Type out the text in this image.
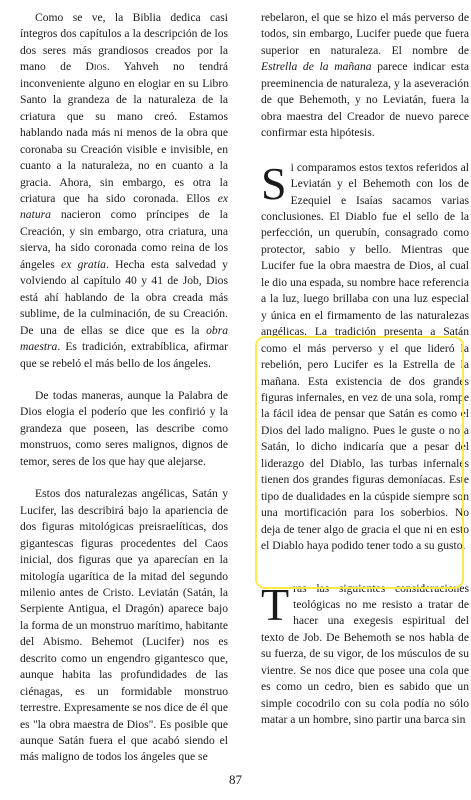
Como se ve, la Biblia dedica casi íntegros dos capítulos a la descripción de los dos seres más grandiosos creados por la mano de Dios. Yahveh no tendrá inconveniente alguno en elogiar en su Libro Santo la grandeza de la naturaleza de la criatura que su mano creó. Estamos hablando nada más ni menos de la obra que coronaba su Creación visible e invisible, en cuanto a la naturaleza, no en cuanto a la gracia. Ahora, sin embargo, es otra la criatura que ha sido coronada. Ellos ex natura nacieron como príncipes de la Creación, y sin embargo, otra criatura, una sierva, ha sido coronada como reina de los ángeles ex gratia. Hecha esta salvedad y volviendo al capítulo 40 y 41 de Job, Dios está ahí hablando de la obra creada más sublime, de la culminación, de su Creación. De una de ellas se dice que es la obra maestra. Es tradición, extrabíblica, afirmar que se rebeló el más bello de los ángeles.

De todas maneras, aunque la Palabra de Dios elogia el poderío que les confirió y la grandeza que poseen, las describe como monstruos, como seres malignos, dignos de temor, seres de los que hay que alejarse.

Estos dos naturalezas angélicas, Satán y Lucifer, las describirá bajo la apariencia de dos figuras mitológicas preisraelíticas, dos gigantescas figuras procedentes del Caos inicial, dos figuras que ya aparecían en la mitología ugarítica de la mitad del segundo milenio antes de Cristo. Leviatán (Satán, la Serpiente Antigua, el Dragón) aparece bajo la forma de un monstruo marítimo, habitante del Abismo. Behemot (Lucifer) nos es descrito como un engendro gigantesco que, aunque habita las profundidades de las ciénagas, es un formidable monstruo terrestre. Expresamente se nos dice de él que es "la obra maestra de Dios". Es posible que aunque Satán fuera el que acabó siendo el más maligno de todos los ángeles que se

rebelaron, el que se hizo el más perverso de todos, sin embargo, Lucifer puede que fuera superior en naturaleza. El nombre de Estrella de la mañana parece indicar esta preeminencia de naturaleza, y la aseveración de que Behemoth, y no Leviatán, fuera la obra maestra del Creador de nuevo parece confirmar esta hipótesis.

Si comparamos estos textos referidos al Leviatán y el Behemoth con los de Ezequiel e Isaías sacamos varias conclusiones. El Diablo fue el sello de la perfección, un querubín, consagrado como protector, sabio y bello. Mientras que Lucifer fue la obra maestra de Dios, al cual le dio una espada, su nombre hace referencia a la luz, luego brillaba con una luz especial y única en el firmamento de las naturalezas angélicas. La tradición presenta a Satán como el más perverso y el que lideró la rebelión, pero Lucifer es la Estrella de la mañana. Esta existencia de dos grandes figuras infernales, en vez de una sola, rompe la fácil idea de pensar que Satán es como el Dios del lado maligno. Pues le guste o no a Satán, lo dicho indicaría que a pesar del liderazgo del Diablo, las turbas infernales tienen dos grandes figuras demoníacas. Este tipo de dualidades en la cúspide siempre son una mortificación para los soberbios. No deja de tener algo de gracia el que ni en esto el Diablo haya podido tener todo a su gusto.

Tras las siguientes consideraciones teológicas no me resisto a tratar de hacer una exegesis espiritual del texto de Job. De Behemoth se nos habla de su fuerza, de su vigor, de los músculos de su vientre. Se nos dice que posee una cola que es como un cedro, bien es sabido que un simple cocodrilo con su cola podía no sólo matar a un hombre, sino partir una barca sin

87
